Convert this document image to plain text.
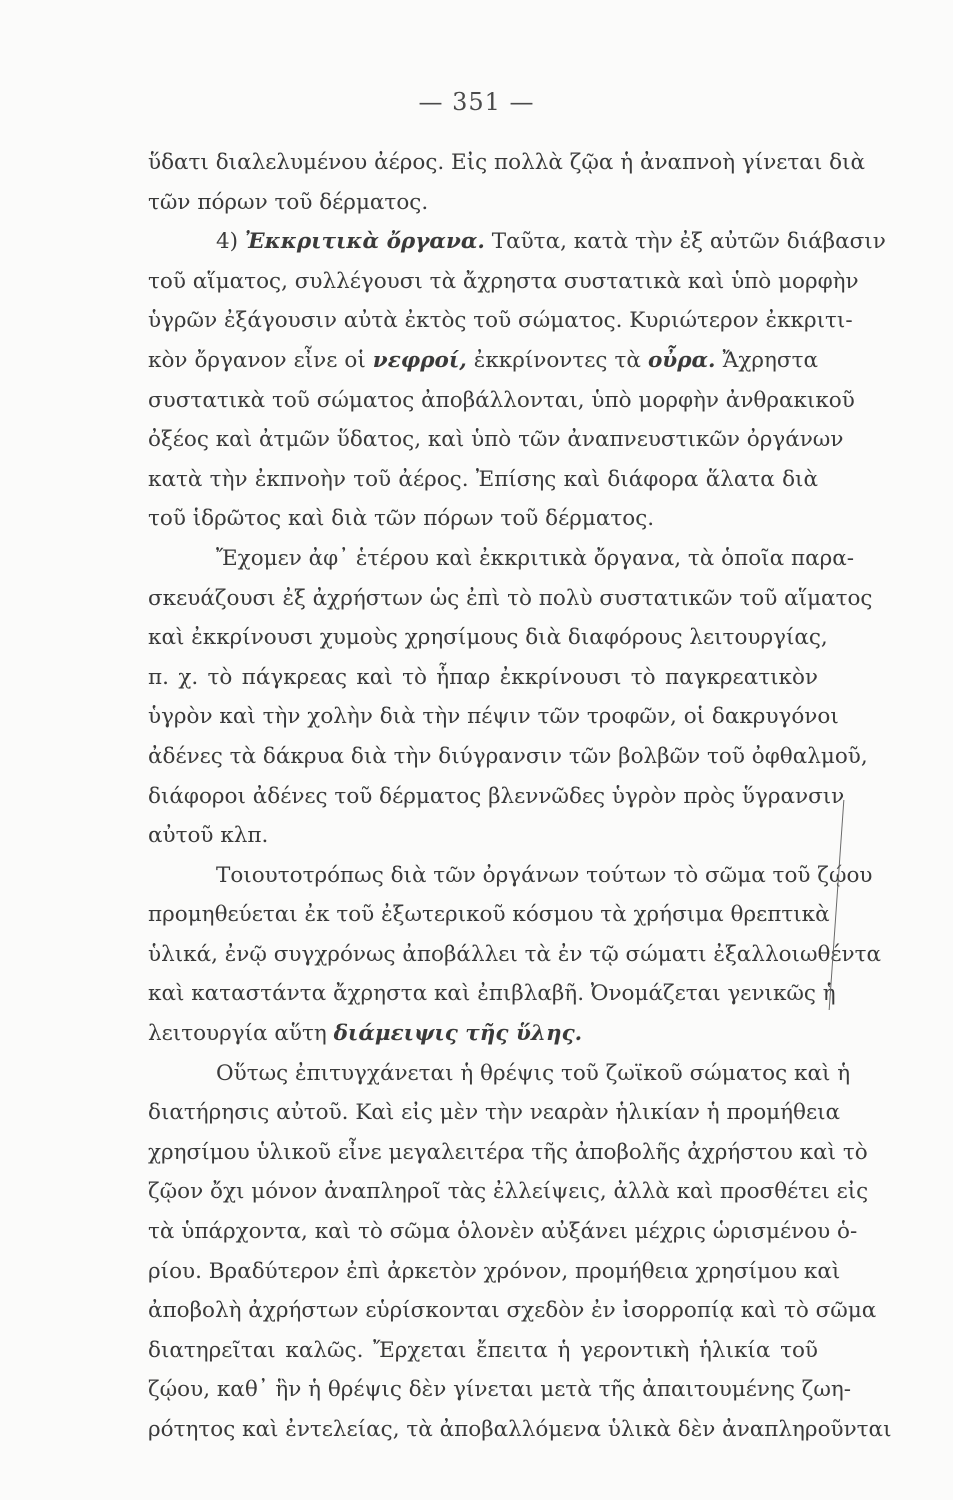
— 351 —
ὕδατι διαλελυμένου ἀέρος. Εἰς πολλὰ ζῷα ἡ ἀναπνοὴ γίνεται διὰ
τῶν πόρων τοῦ δέρματος.
4) Ἐκκριτικὰ ὄργανα. Ταῦτα, κατὰ τὴν ἐξ αὐτῶν διάβασιν
τοῦ αἵματος, συλλέγουσι τὰ ἄχρηστα συστατικὰ καὶ ὑπὸ μορφὴν
ὑγρῶν ἐξάγουσιν αὐτὰ ἐκτὸς τοῦ σώματος. Κυριώτερον ἐκκριτι-
κὸν ὄργανον εἶνε οἱ νεφροί, ἐκκρίνοντες τὰ οὖρα. Ἄχρηστα
συστατικὰ τοῦ σώματος ἀποβάλλονται, ὑπὸ μορφὴν ἀνθρακικοῦ
ὀξέος καὶ ἀτμῶν ὕδατος, καὶ ὑπὸ τῶν ἀναπνευστικῶν ὀργάνων
κατὰ τὴν ἐκπνοὴν τοῦ ἀέρος. Ἐπίσης καὶ διάφορα ἅλατα διὰ
τοῦ ἱδρῶτος καὶ διὰ τῶν πόρων τοῦ δέρματος.
Ἔχομεν ἀφ᾽ ἑτέρου καὶ ἐκκριτικὰ ὄργανα, τὰ ὁποῖα παρα-
σκευάζουσι ἐξ ἀχρήστων ὡς ἐπὶ τὸ πολὺ συστατικῶν τοῦ αἵματος
καὶ ἐκκρίνουσι χυμοὺς χρησίμους διὰ διαφόρους λειτουργίας,
π. χ. τὸ πάγκρεας καὶ τὸ ἧπαρ ἐκκρίνουσι τὸ παγκρεατικὸν
ὑγρὸν καὶ τὴν χολὴν διὰ τὴν πέψιν τῶν τροφῶν, οἱ δακρυγόνοι
ἀδένες τὰ δάκρυα διὰ τὴν διύγρανσιν τῶν βολβῶν τοῦ ὀφθαλμοῦ,
διάφοροι ἀδένες τοῦ δέρματος βλεννῶδες ὑγρὸν πρὸς ὕγρανσιν
αὐτοῦ κλπ.
Τοιουτοτρόπως διὰ τῶν ὀργάνων τούτων τὸ σῶμα τοῦ ζῴου
προμηθεύεται ἐκ τοῦ ἐξωτερικοῦ κόσμου τὰ χρήσιμα θρεπτικὰ
ὑλικά, ἐνῷ συγχρόνως ἀποβάλλει τὰ ἐν τῷ σώματι ἐξαλλοιωθέντα
καὶ καταστάντα ἄχρηστα καὶ ἐπιβλαβῆ. Ὀνομάζεται γενικῶς ἡ
λειτουργία αὕτη διάμειψις τῆς ὕλης.
Οὕτως ἐπιτυγχάνεται ἡ θρέψις τοῦ ζωϊκοῦ σώματος καὶ ἡ
διατήρησις αὐτοῦ. Καὶ εἰς μὲν τὴν νεαρὰν ἡλικίαν ἡ προμήθεια
χρησίμου ὑλικοῦ εἶνε μεγαλειτέρα τῆς ἀποβολῆς ἀχρήστου καὶ τὸ
ζῷον ὄχι μόνον ἀναπληροῖ τὰς ἐλλείψεις, ἀλλὰ καὶ προσθέτει εἰς
τὰ ὑπάρχοντα, καὶ τὸ σῶμα ὁλονὲν αὐξάνει μέχρις ὡρισμένου ὁ-
ρίου. Βραδύτερον ἐπὶ ἀρκετὸν χρόνον, προμήθεια χρησίμου καὶ
ἀποβολὴ ἀχρήστων εὑρίσκονται σχεδὸν ἐν ἰσορροπίᾳ καὶ τὸ σῶμα
διατηρεῖται καλῶς. Ἔρχεται ἔπειτα ἡ γεροντικὴ ἡλικία τοῦ
ζῴου, καθ᾽ ἣν ἡ θρέψις δὲν γίνεται μετὰ τῆς ἀπαιτουμένης ζωη-
ρότητος καὶ ἐντελείας, τὰ ἀποβαλλόμενα ὑλικὰ δὲν ἀναπληροῦνται
